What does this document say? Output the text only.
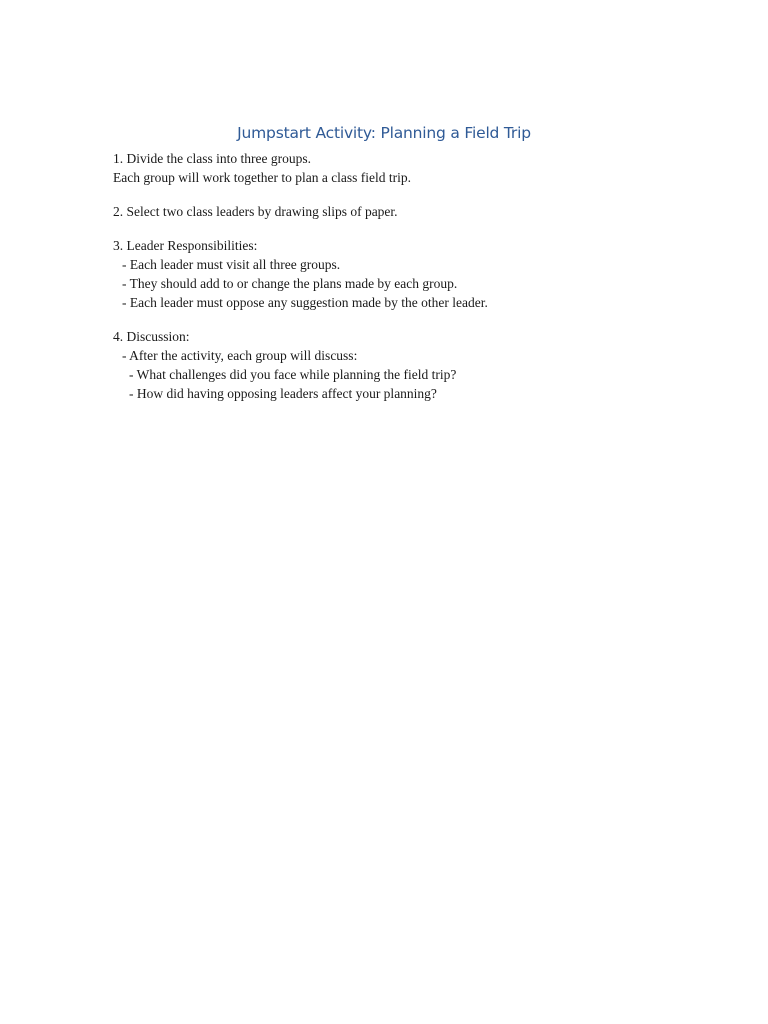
Jumpstart Activity: Planning a Field Trip
1. Divide the class into three groups.
Each group will work together to plan a class field trip.
2. Select two class leaders by drawing slips of paper.
3. Leader Responsibilities:
- Each leader must visit all three groups.
- They should add to or change the plans made by each group.
- Each leader must oppose any suggestion made by the other leader.
4. Discussion:
- After the activity, each group will discuss:
- What challenges did you face while planning the field trip?
- How did having opposing leaders affect your planning?
